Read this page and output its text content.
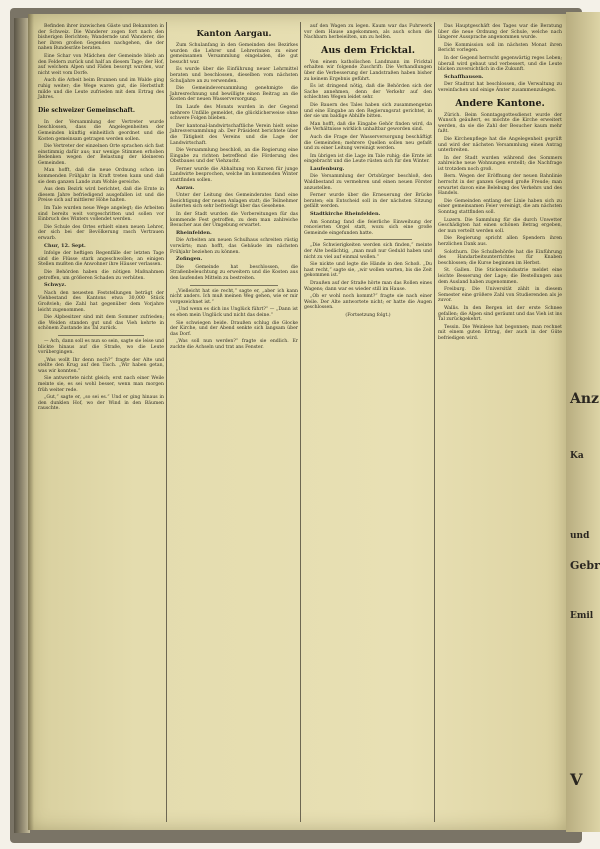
Befinden ihrer inzwischen Gäste und Bekannten in der Schweiz. Die Wanderer zogen fort nach den bisherigen Berichten; Wandernde und Wanderer, die her ihren großen Gegenden nachgehen, die der nahen Bundesräte beraten.

Eine Schar von Mädchen der Gemeinde blieb an den Feldern zurück und half an diesem Tage; der Hof, auf welchem Alpen und Fäden besorgt wurden, war nicht weit vom Dorfe.

Auch die Arbeit beim Brunnen und im Walde ging ruhig weiter; die Wege waren gut, die Herbstluft milde und die Leute zufrieden mit dem Ertrag des Jahres.

Die schweizer Gemeinschaft.

In der Versammlung der Vertreter wurde beschlossen, dass die Angelegenheiten der Gemeinden künftig einheitlich geordnet und die Kosten gemeinsam getragen werden sollen.

Die Vertreter der einzelnen Orte sprachen sich fast einstimmig dafür aus; nur wenige Stimmen erhoben Bedenken wegen der Belastung der kleineren Gemeinden.

Man hofft, daß die neue Ordnung schon im kommenden Frühjahr in Kraft treten kann und daß sie dem ganzen Lande zum Wohle gereiche.

Aus dem Bezirk wird berichtet, daß die Ernte in diesem Jahre befriedigend ausgefallen ist und die Preise sich auf mittlerer Höhe halten.

Im Tale wurden neue Wege angelegt; die Arbeiten sind bereits weit vorgeschritten und sollen vor Einbruch des Winters vollendet werden.

Die Schule des Ortes erhielt einen neuen Lehrer, der sich bei der Bevölkerung rasch Vertrauen erwarb.

Chur, 12. Sept.

Infolge der heftigen Regenfälle der letzten Tage sind die Flüsse stark angeschwollen; an einigen Stellen mußten die Anwohner ihre Häuser verlassen.

Die Behörden haben die nötigen Maßnahmen getroffen, um größeren Schaden zu verhüten.

Schwyz.

Nach den neuesten Feststellungen beträgt der Viehbestand des Kantons etwa 30,000 Stück Großvieh; die Zahl hat gegenüber dem Vorjahre leicht zugenommen.

Die Alpbesitzer sind mit dem Sommer zufrieden; die Weiden standen gut und das Vieh kehrte in schönem Zustande ins Tal zurück.

— Ach, dann soll es nun so sein, sagte sie leise und blickte hinaus auf die Straße, wo die Leute vorübergingen.

„Was wollt Ihr denn noch?“ fragte der Alte und stellte den Krug auf den Tisch. „Wir haben getan, was wir konnten.“

Sie antwortete nicht gleich; erst nach einer Weile meinte sie, es sei wohl besser, wenn man morgen früh weiter rede.

„Gut,“ sagte er, „so sei es.“ Und er ging hinaus in den dunklen Hof, wo der Wind in den Bäumen rauschte.

Kanton Aargau.

Zum Schulanfang in den Gemeinden des Bezirkes wurden die Lehrer und Lehrerinnen zu einer gemeinsamen Versammlung eingeladen, die gut besucht war.

Es wurde über die Einführung neuer Lehrmittel beraten und beschlossen, dieselben vom nächsten Schuljahre an zu verwenden.

Die Gemeindeversammlung genehmigte die Jahresrechnung und bewilligte einen Beitrag an die Kosten der neuen Wasserversorgung.

Im Laufe des Monats wurden in der Gegend mehrere Unfälle gemeldet, die glücklicherweise ohne schwere Folgen blieben.

Der kantonal-landwirtschaftliche Verein hielt seine Jahresversammlung ab. Der Präsident berichtete über die Tätigkeit des Vereins und die Lage der Landwirtschaft.

Die Versammlung beschloß, an die Regierung eine Eingabe zu richten betreffend die Förderung des Obstbaues und der Viehzucht.

Ferner wurde die Abhaltung von Kursen für junge Landwirte besprochen, welche im kommenden Winter stattfinden sollen.

Aarau.

Unter der Leitung des Gemeinderates fand eine Besichtigung der neuen Anlagen statt; die Teilnehmer äußerten sich sehr befriedigt über das Gesehene.

In der Stadt wurden die Vorbereitungen für das kommende Fest getroffen, zu dem man zahlreiche Besucher aus der Umgebung erwartet.

Rheinfelden.

Die Arbeiten am neuen Schulhaus schreiten rüstig vorwärts; man hofft, das Gebäude im nächsten Frühjahr beziehen zu können.

Zofingen.

Die Gemeinde hat beschlossen, die Straßenbeleuchtung zu erweitern und die Kosten aus den laufenden Mitteln zu bestreiten.

„Vielleicht hat sie recht,“ sagte er, „aber ich kann nicht anders. Ich muß meinen Weg gehen, wie er mir vorgezeichnet ist.“

„Und wenn es dich ins Unglück führt?“ — „Dann ist es eben mein Unglück und nicht das deine.“

Sie schwiegen beide. Draußen schlug die Glocke der Kirche, und der Abend senkte sich langsam über das Dorf.

„Was soll nun werden?“ fragte sie endlich. Er zuckte die Achseln und trat ans Fenster.

auf den Wagen zu legen. Kaum war das Fuhrwerk vor dem Hause angekommen, als auch schon die Nachbarn herbeieilten, um zu helfen.

Aus dem Fricktal.

Von einem katholischen Landmann im Fricktal erhalten wir folgende Zuschrift: Die Verhandlungen über die Verbesserung der Landstraßen haben bisher zu keinem Ergebnis geführt.

Es ist dringend nötig, daß die Behörden sich der Sache annehmen, denn der Verkehr auf den schlechten Wegen leidet sehr.

Die Bauern des Tales haben sich zusammengetan und eine Eingabe an den Regierungsrat gerichtet, in der sie um baldige Abhilfe bitten.

Man hofft, daß die Eingabe Gehör finden wird, da die Verhältnisse wirklich unhaltbar geworden sind.

Auch die Frage der Wasserversorgung beschäftigt die Gemeinden; mehrere Quellen sollen neu gefaßt und zu einer Leitung vereinigt werden.

Im übrigen ist die Lage im Tale ruhig; die Ernte ist eingebracht und die Leute rüsten sich für den Winter.

Laufenburg.

Die Versammlung der Ortsbürger beschloß, den Waldbestand zu vermehren und einen neuen Förster anzustellen.

Ferner wurde über die Erneuerung der Brücke beraten; ein Entscheid soll in der nächsten Sitzung gefällt werden.

Stadtkirche Rheinfelden.

Am Sonntag fand die feierliche Einweihung der renovierten Orgel statt, wozu sich eine große Gemeinde eingefunden hatte.

„Die Schwierigkeiten werden sich finden,“ meinte der Alte bedächtig, „man muß nur Geduld haben und nicht zu viel auf einmal wollen.“

Sie nickte und legte die Hände in den Schoß. „Du hast recht,“ sagte sie, „wir wollen warten, bis die Zeit gekommen ist.“

Draußen auf der Straße hörte man das Rollen eines Wagens; dann war es wieder still im Hause.

„Ob er wohl noch kommt?“ fragte sie nach einer Weile. Der Alte antwortete nicht; er hatte die Augen geschlossen.

(Fortsetzung folgt.)

Das Hauptgeschäft des Tages war die Beratung über die neue Ordnung der Schule, welche nach längerer Aussprache angenommen wurde.

Die Kommission soll im nächsten Monat ihren Bericht vorlegen.

In der Gegend herrscht gegenwärtig reges Leben; überall wird gebaut und verbessert, und die Leute blicken zuversichtlich in die Zukunft.

Schaffhausen.

Der Stadtrat hat beschlossen, die Verwaltung zu vereinfachen und einige Ämter zusammenzulegen.

Andere Kantone.

Zürich. Beim Sonntagsgottesdienst wurde der Wunsch geäußert, es möchte die Kirche erweitert werden, da sie die Zahl der Besucher kaum mehr faßt.

Die Kirchenpflege hat die Angelegenheit geprüft und wird der nächsten Versammlung einen Antrag unterbreiten.

In der Stadt wurden während des Sommers zahlreiche neue Wohnungen erstellt; die Nachfrage ist trotzdem noch groß.

Bern. Wegen der Eröffnung der neuen Bahnlinie herrscht in der ganzen Gegend große Freude; man erwartet davon eine Belebung des Verkehrs und des Handels.

Die Gemeinden entlang der Linie haben sich zu einer gemeinsamen Feier vereinigt, die am nächsten Sonntag stattfinden soll.

Luzern. Die Sammlung für die durch Unwetter Geschädigten hat einen schönen Betrag ergeben, der nun verteilt werden soll.

Die Regierung spricht allen Spendern ihren herzlichen Dank aus.

Solothurn. Die Schulbehörde hat die Einführung des Handarbeitsunterrichtes für Knaben beschlossen; die Kurse beginnen im Herbst.

St. Gallen. Die Stickereiindustrie meldet eine leichte Besserung der Lage; die Bestellungen aus dem Ausland haben zugenommen.

Freiburg. Die Universität zählt in diesem Semester eine größere Zahl von Studierenden als je zuvor.

Wallis. In den Bergen ist der erste Schnee gefallen; die Alpen sind geräumt und das Vieh ist ins Tal zurückgekehrt.

Tessin. Die Weinlese hat begonnen; man rechnet mit einem guten Ertrag, der auch in der Güte befriedigen wird.

Anz
Ka
und
Gebr
Emil
V
